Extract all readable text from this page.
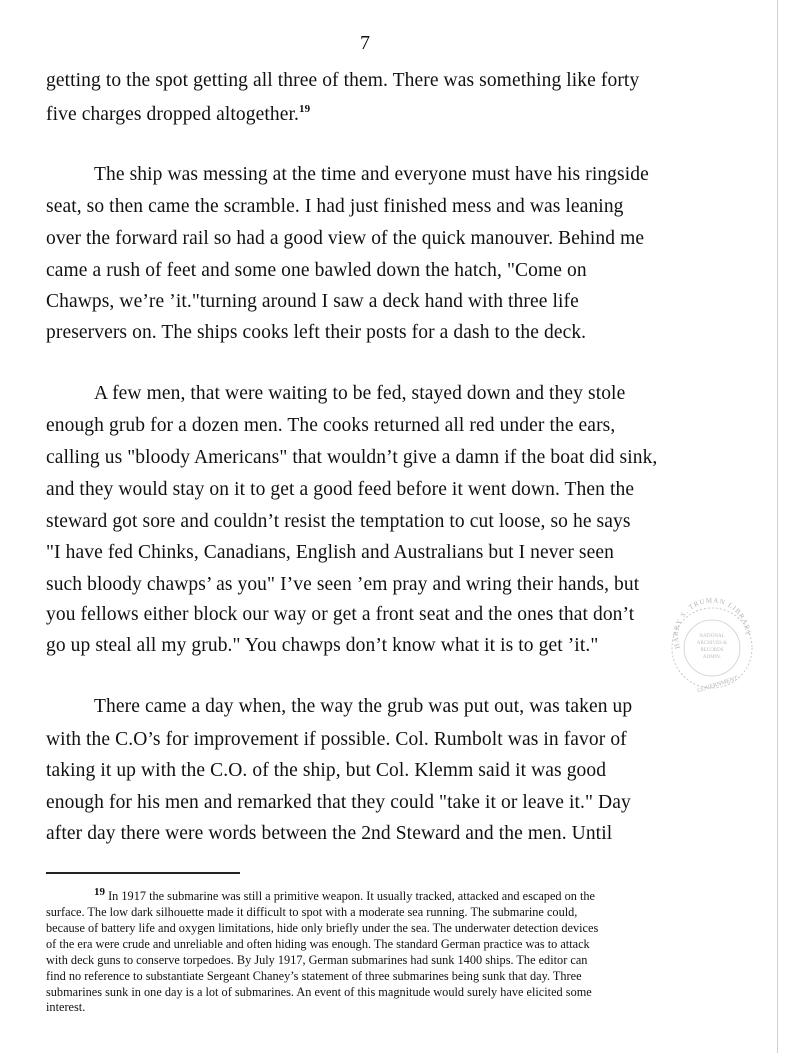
7
getting to the spot getting all three of them. There was something like forty
five charges dropped altogether.$^{19}$
The ship was messing at the time and everyone must have his ringside
seat, so then came the scramble. I had just finished mess and was leaning
over the forward rail so had a good view of the quick manouver. Behind me
came a rush of feet and some one bawled down the hatch, "Come on
Chawps, we’re ’it."turning around I saw a deck hand with three life
preservers on. The ships cooks left their posts for a dash to the deck.
A few men, that were waiting to be fed, stayed down and they stole
enough grub for a dozen men. The cooks returned all red under the ears,
calling us "bloody Americans" that wouldn’t give a damn if the boat did sink,
and they would stay on it to get a good feed before it went down. Then the
steward got sore and couldn’t resist the temptation to cut loose, so he says
"I have fed Chinks, Canadians, English and Australians but I never seen
such bloody chawps’ as you" I’ve seen ’em pray and wring their hands, but
you fellows either block our way or get a front seat and the ones that don’t
go up steal all my grub." You chawps don’t know what it is to get ’it."
There came a day when, the way the grub was put out, was taken up
with the C.O’s for improvement if possible. Col. Rumbolt was in favor of
taking it up with the C.O. of the ship, but Col. Klemm said it was good
enough for his men and remarked that they could "take it or leave it." Day
after day there were words between the 2nd Steward and the men. Until
19 In 1917 the submarine was still a primitive weapon. It usually tracked, attacked and escaped on the
surface. The low dark silhouette made it difficult to spot with a moderate sea running. The submarine could,
because of battery life and oxygen limitations, hide only briefly under the sea. The underwater detection devices
of the era were crude and unreliable and often hiding was enough. The standard German practice was to attack
with deck guns to conserve torpedoes. By July 1917, German submarines had sunk 1400 ships. The editor can
find no reference to substantiate Sergeant Chaney’s statement of three submarines being sunk that day. Three
submarines sunk in one day is a lot of submarines. An event of this magnitude would surely have elicited some
interest.
HARRY S. TRUMAN LIBRARY
NATIONAL
ARCHIVES &
RECORDS
ADMIN.
GOVERNMENT
